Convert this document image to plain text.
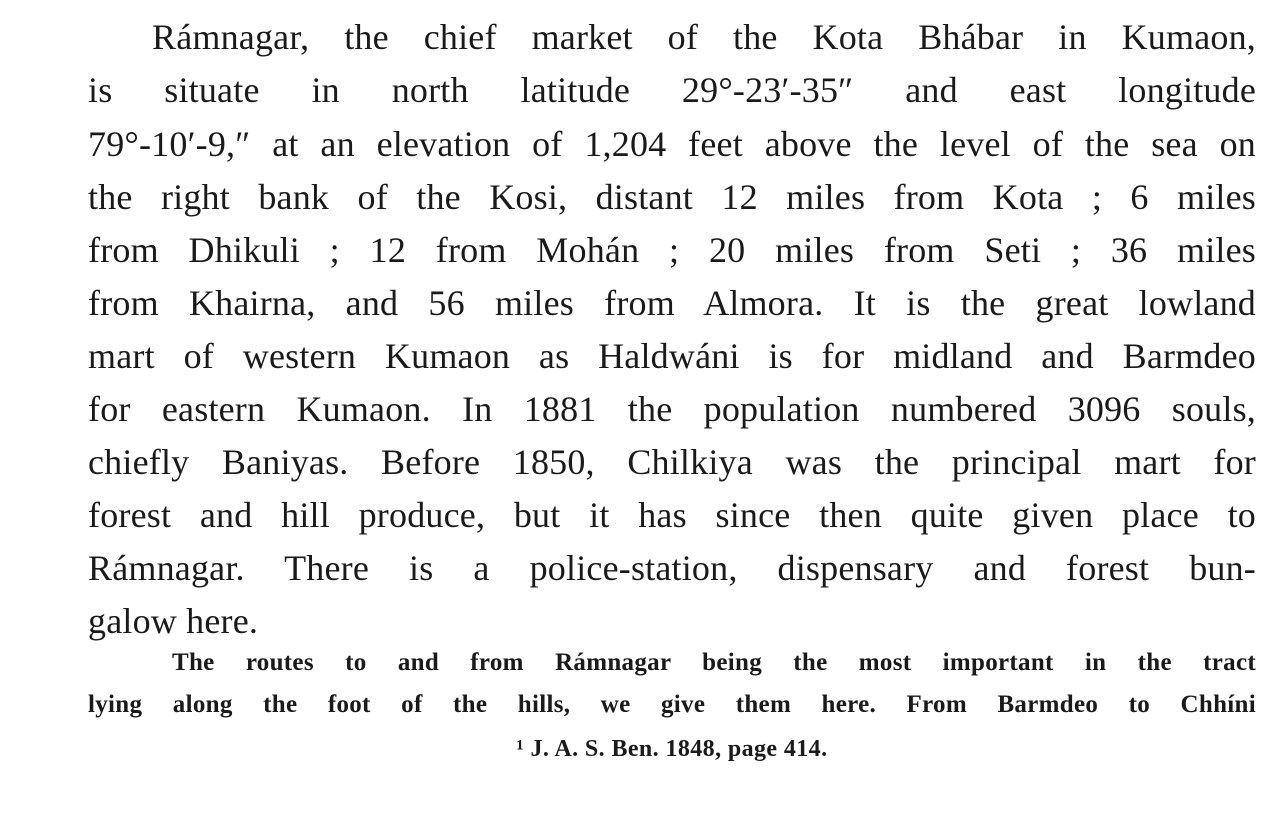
Rámnagar, the chief market of the Kota Bhábar in Kumaon,
is situate in north latitude 29°-23′-35″ and east longitude
79°-10′-9,″ at an elevation of 1,204 feet above the level of the sea on
the right bank of the Kosi, distant 12 miles from Kota ; 6 miles
from Dhikuli ; 12 from Mohán ; 20 miles from Seti ; 36 miles
from Khairna, and 56 miles from Almora. It is the great lowland
mart of western Kumaon as Haldwáni is for midland and Barmdeo
for eastern Kumaon. In 1881 the population numbered 3096 souls,
chiefly Baniyas. Before 1850, Chilkiya was the principal mart for
forest and hill produce, but it has since then quite given place to
Rámnagar. There is a police-station, dispensary and forest bun-
galow here.
The routes to and from Rámnagar being the most important in the tract
lying along the foot of the hills, we give them here. From Barmdeo to Chhíni
¹ J. A. S. Ben. 1848, page 414.
